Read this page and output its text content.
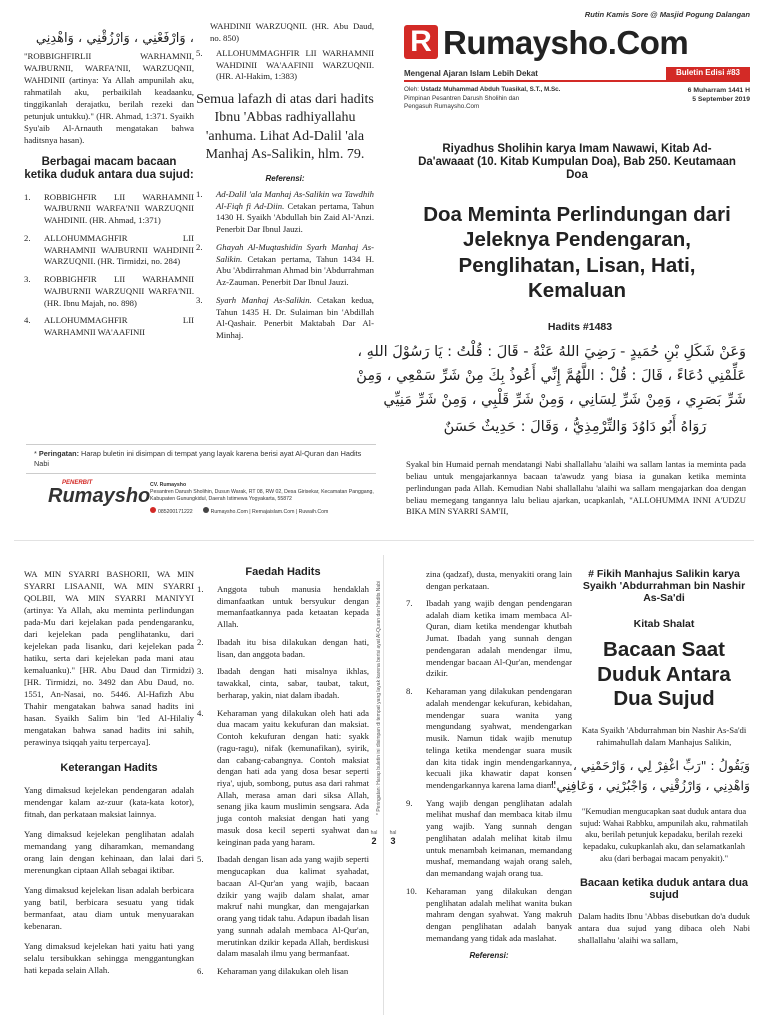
، وَارْفَعْنِي ، وَارْزُقْنِي ، وَاهْدِنِي

"ROBBIGHFIRLII WARHAMNII, WAJBURNII, WARFA'NII, WARZUQNII, WAHDINII (artinya: Ya Allah ampunilah aku, rahmatilah aku, perbaikilah keadaanku, tinggikanlah derajatku, berilah rezeki dan petunjuk untukku)." (HR. Ahmad, 1:371. Syaikh Syu'aib Al-Arnauth mengatakan bahwa haditsnya hasan).

Berbagai macam bacaan ketika duduk antara dua sujud:
1. ROBBIGHFIR LII WARHAMNII WAJBURNII WARFA'NII WARZUQNII WAHDINII. (HR. Ahmad, 1:371)
2. ALLOHUMMAGHFIR LII WARHAMNII WAJBURNII WAHDINII WARZUQNII. (HR. Tirmidzi, no. 284)
3. ROBBIGHFIR LII WARHAMNII WAJBURNII WARZUQNII WARFA'NII. (HR. Ibnu Majah, no. 898)
4. ALLOHUMMAGHFIR LII WARHAMNII WA'AAFINII

WAHDINII WARZUQNII. (HR. Abu Daud, no. 850)

5. ALLOHUMMAGHFIR LII WARHAMNII WAHDINII WA'AAFINII WARZUQNII. (HR. Al-Hakim, 1:383)
Semua lafazh di atas dari hadits Ibnu 'Abbas radhiyallahu 'anhuma. Lihat Ad-Dalil 'ala Manhaj As-Salikin, hlm. 79.
Referensi:
1. Ad-Dalil 'ala Manhaj As-Salikin wa Tawdhih Al-Fiqh fi Ad-Diin. Cetakan pertama, Tahun 1430 H. Syaikh 'Abdullah bin Zaid Al-'Anzi. Penerbit Dar Ibnul Jauzi.
2. Ghayah Al-Muqtashidin Syarh Manhaj As-Salikin. Cetakan pertama, Tahun 1434 H. Abu 'Abdirrahman Ahmad bin 'Abdurrahman Az-Zauman. Penerbit Dar Ibnul Jauzi.
3. Syarh Manhaj As-Salikin. Cetakan kedua, Tahun 1435 H. Dr. Sulaiman bin 'Abdillah Al-Qashair. Penerbit Maktabah Dar Al-Minhaj.
* Peringatan: Harap buletin ini disimpan di tempat yang layak karena berisi ayat Al-Quran dan Hadits Nabi
PENERBIT
Rumaysho CV. Rumaysho
Pesantren Darush Sholihin, Dusun Warak, RT 08, RW 02, Desa Girisekar, Kecamatan Panggang, Kabupaten Gunungkidul, Daerah Istimewa Yogyakarta, 55872
085200171222	Rumaysho.Com | Remajaislam.Com | Ruwaih.Com
Rutin Kamis Sore @ Masjid Pogung Dalangan
R Rumaysho.Com
Mengenal Ajaran Islam Lebih Dekat	Buletin Edisi #83
Oleh: Ustadz Muhammad Abduh Tuasikal, S.T., M.Sc.
Pimpinan Pesantren Darush Sholihin dan
Pengasuh Rumaysho.Com
6 Muharram 1441 H
5 September 2019
Riyadhus Sholihin karya Imam Nawawi, Kitab Ad-Da'awaaat (10. Kitab Kumpulan Doa), Bab 250. Keutamaan Doa
Doa Meminta Perlindungan dari Jeleknya Pendengaran, Penglihatan, Lisan, Hati, Kemaluan
Hadits #1483
وَعَنْ شَكَلِ بْنِ حُمَيدٍ - رَضِيَ اللهُ عَنْهُ - قَالَ : قُلْتُ : يَا رَسُوْلَ اللهِ ،
عَلِّمْنِي دُعَاءً ، قَالَ : قُلْ : اللَّهُمَّ إِنِّي أَعُوذُ بِكَ مِنْ شَرِّ سَمْعِي ، وَمِنْ
شَرِّ بَصَرِي ، وَمِنْ شَرِّ لِسَانِي ، وَمِنْ شَرِّ قَلْبِي ، وَمِنْ شَرِّ مَنِيِّي
رَوَاهُ أَبُو دَاوُدَ وَالتِّرْمِذِيُّ ، وَقَالَ : حَدِيثٌ حَسَنٌ

Syakal bin Humaid pernah mendatangi Nabi shallallahu 'alaihi wa sallam lantas ia meminta pada beliau untuk mengajarkannya bacaan ta'awudz yang biasa ia gunakan ketika meminta perlindungan pada Allah. Kemudian Nabi shallallahu 'alaihi wa sallam mengajarkan doa dengan beliau memegang tangannya lalu beliau ajarkan, ucapkanlah, "ALLOHUMMA INNI A'UDZU BIKA MIN SYARRI SAM'II,

WA MIN SYARRI BASHORII, WA MIN SYARRI LISAANII, WA MIN SYARRI QOLBII, WA MIN SYARRI MANIYYI (artinya: Ya Allah, aku meminta perlindungan pada-Mu dari kejelakan pada pendengaranku, dari kejelekan pada penglihatanku, dari kejelekan pada lisanku, dari kejelekan pada hatiku, serta dari kejelekan pada mani atau kemaluanku)." [HR. Abu Daud dan Tirmidzi) [HR. Tirmidzi, no. 3492 dan Abu Daud, no. 1551, An-Nasai, no. 5446. Al-Hafizh Abu Thahir mengatakan bahwa sanad hadits ini hasan. Syaikh Salim bin 'Ied Al-Hilaliy mengatakan bahwa sanad hadits ini sahih, perawinya tsiqqah yaitu terpercaya].

Keterangan Hadits

Yang dimaksud kejelekan pendengaran adalah mendengar kalam az-zuur (kata-kata kotor), fitnah, dan perkataan maksiat lainnya.

Yang dimaksud kejelekan penglihatan adalah memandang yang diharamkan, memandang orang lain dengan kehinaan, dan lalai dari merenungkan ciptaan Allah sebagai iktibar.

Yang dimaksud kejelekan lisan adalah berbicara yang batil, berbicara sesuatu yang tidak bermanfaat, atau diam untuk menyuarakan kebenaran.

Yang dimaksud kejelekan hati yaitu hati yang selalu tersibukkan sehingga menggantungkan hati kepada selain Allah.

Faedah Hadits
1. Anggota tubuh manusia hendaklah dimanfaatkan untuk bersyukur dengan memanfaatkannya pada ketaatan kepada Allah.
2. Ibadah itu bisa dilakukan dengan hati, lisan, dan anggota badan.
3. Ibadah dengan hati misalnya ikhlas, tawakkal, cinta, sabar, taubat, takut, berharap, yakin, niat dalam ibadah.
4. Keharaman yang dilakukan oleh hati ada dua macam yaitu kekufuran dan maksiat. Contoh kekufuran dengan hati: syakk (ragu-ragu), nifak (kemunafikan), syirik, dan cabang-cabangnya. Contoh maksiat dengan hati ada yang dosa besar seperti riya', ujub, sombong, putus asa dari rahmat Allah, merasa aman dari siksa Allah, senang jika kaum muslimin sengsara. Ada juga contoh maksiat dengan hati yang masuk dosa kecil seperti syahwat dan keinginan pada yang haram.
5. Ibadah dengan lisan ada yang wajib seperti mengucapkan dua kalimat syahadat, bacaan Al-Qur'an yang wajib, bacaan dzikir yang wajib dalam shalat, amar makruf nahi mungkar, dan mengajarkan orang yang tidak tahu. Adapun ibadah lisan yang sunnah adalah membaca Al-Qur'an, merutinkan dzikir kepada Allah, berdiskusi dalam masalah ilmu yang bermanfaat.
6. Keharaman yang dilakukan oleh lisan
* Peringatan: Harap buletin ini disimpan di tempat yang layak karena berisi ayat Al-Quran dan Hadits Nabi
hal
2
hal
3

zina (qadzaf), dusta, menyakiti orang lain dengan perkataan.

7. Ibadah yang wajib dengan pendengaran adalah diam ketika imam membaca Al-Quran, diam ketika mendengar khutbah Jumat. Ibadah yang sunnah dengan pendengaran adalah mendengar ilmu, mendengar bacaan Al-Qur'an, mendengar dzikir.
8. Keharaman yang dilakukan pendengaran adalah mendengar kekufuran, kebidahan, mendengar suara wanita yang mengundang syahwat, mendengarkan musik. Namun tidak wajib menutup telinga ketika mendengar suara musik dan kita tidak ingin mendengarkannya, kecuali jika khawatir dapat konsen mendengarkannya karena lama diam.
9. Yang wajib dengan penglihatan adalah melihat mushaf dan membaca kitab ilmu yang wajib. Yang sunnah dengan penglihatan adalah melihat kitab ilmu untuk menambah keimanan, memandang mushaf, memandang wajah orang saleh, dan memandang wajah orang tua.
10. Keharaman yang dilakukan dengan penglihatan adalah melihat wanita bukan mahram dengan syahwat. Yang makruh dengan penglihatan adalah banyak memandang yang tidak ada maslahat.
Referensi:
# Fikih Manhajus Salikin karya Syaikh 'Abdurrahman bin Nashir As-Sa'di
Kitab Shalat
Bacaan Saat Duduk Antara Dua Sujud

Kata Syaikh 'Abdurrahman bin Nashir As-Sa'di rahimahullah dalam Manhajus Salikin,

وَيَقُولُ : "رَبِّ اغْفِرْ لِي ، وَارْحَمْنِي ،
وَاهْدِنِي ، وَارْزُقْنِي ، وَاجْبُرْنِي ، وَعَافِنِي"

"Kemudian mengucapkan saat duduk antara dua sujud: Wahai Rabbku, ampunilah aku, rahmatilah aku, berilah petunjuk kepadaku, berilah rezeki kepadaku, cukupkanlah aku, dan selamatkanlah aku (dari berbagai macam penyakit)."

Bacaan ketika duduk antara dua sujud

Dalam hadits Ibnu 'Abbas disebutkan do'a duduk antara dua sujud yang dibaca oleh Nabi shallallahu 'alaihi wa sallam,
